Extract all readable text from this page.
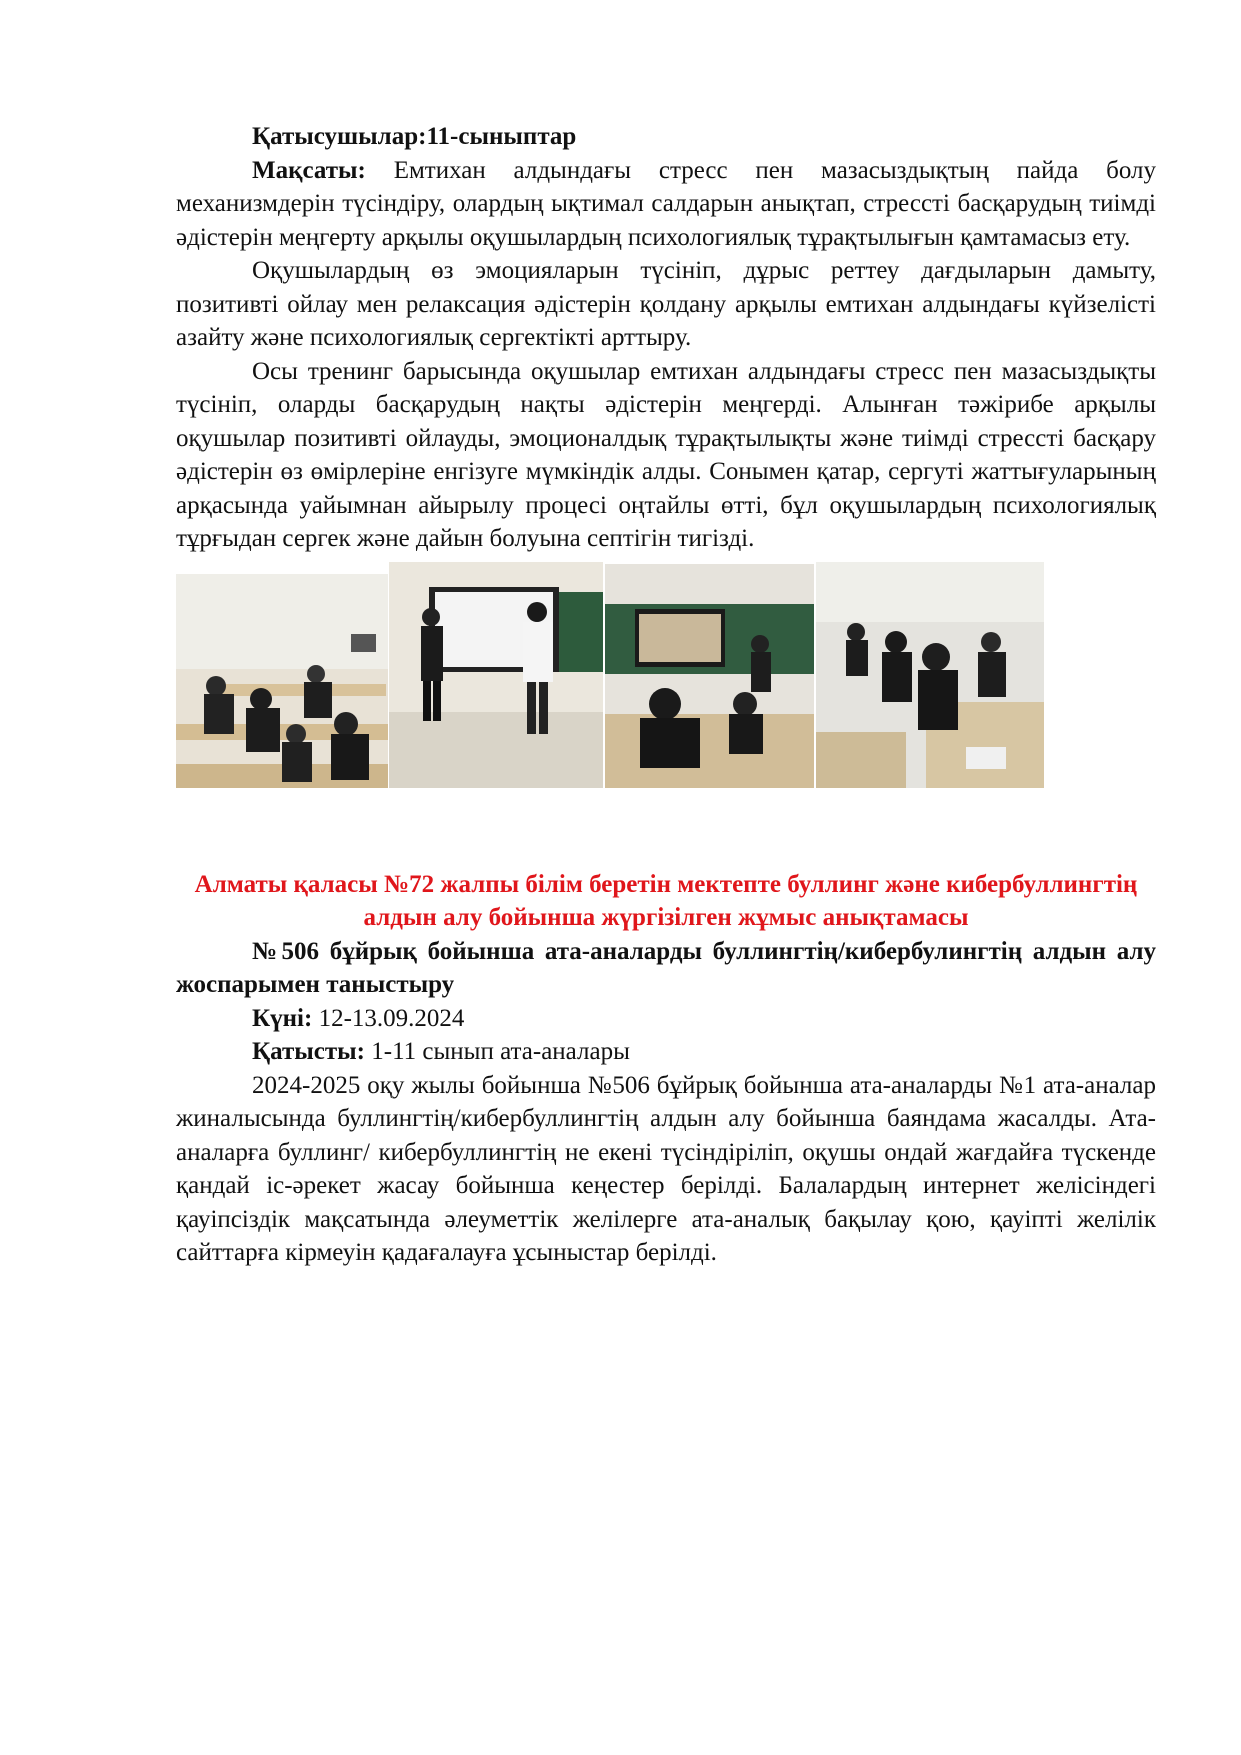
Қатысушылар:11-сыныптар

Мақсаты: Емтихан алдындағы стресс пен мазасыздықтың пайда болу механизмдерін түсіндіру, олардың ықтимал салдарын анықтап, стрессті басқарудың тиімді әдістерін меңгерту арқылы оқушылардың психологиялық тұрақтылығын қамтамасыз ету.

Оқушылардың өз эмоцияларын түсініп, дұрыс реттеу дағдыларын дамыту, позитивті ойлау мен релаксация әдістерін қолдану арқылы емтихан алдындағы күйзелісті азайту және психологиялық сергектікті арттыру.

Осы тренинг барысында оқушылар емтихан алдындағы стресс пен мазасыздықты түсініп, оларды басқарудың нақты әдістерін меңгерді. Алынған тәжірибе арқылы оқушылар позитивті ойлауды, эмоционалдық тұрақтылықты және тиімді стрессті басқару әдістерін өз өмірлеріне енгізуге мүмкіндік алды. Сонымен қатар, сергуті жаттығуларының арқасында уайымнан айырылу процесі оңтайлы өтті, бұл оқушылардың психологиялық тұрғыдан сергек және дайын болуына септігін тигізді.

Алматы қаласы №72 жалпы білім беретін мектепте буллинг және кибербуллингтің алдын алу бойынша жүргізілген жұмыс анықтамасы

№506 бұйрық бойынша ата-аналарды буллингтің/кибербулингтің алдын алу жоспарымен таныстыру

Күні: 12-13.09.2024

Қатысты: 1-11 сынып ата-аналары

2024-2025 оқу жылы бойынша №506 бұйрық бойынша ата-аналарды №1 ата-аналар жиналысында буллингтің/кибербуллингтің алдын алу бойынша баяндама жасалды. Ата-аналарға буллинг/ кибербуллингтің не екені түсіндіріліп, оқушы ондай жағдайға түскенде қандай іс-әрекет жасау бойынша кеңестер берілді. Балалардың интернет желісіндегі қауіпсіздік мақсатында әлеуметтік желілерге ата-аналық бақылау қою, қауіпті желілік сайттарға кірмеуін қадағалауға ұсыныстар берілді.
